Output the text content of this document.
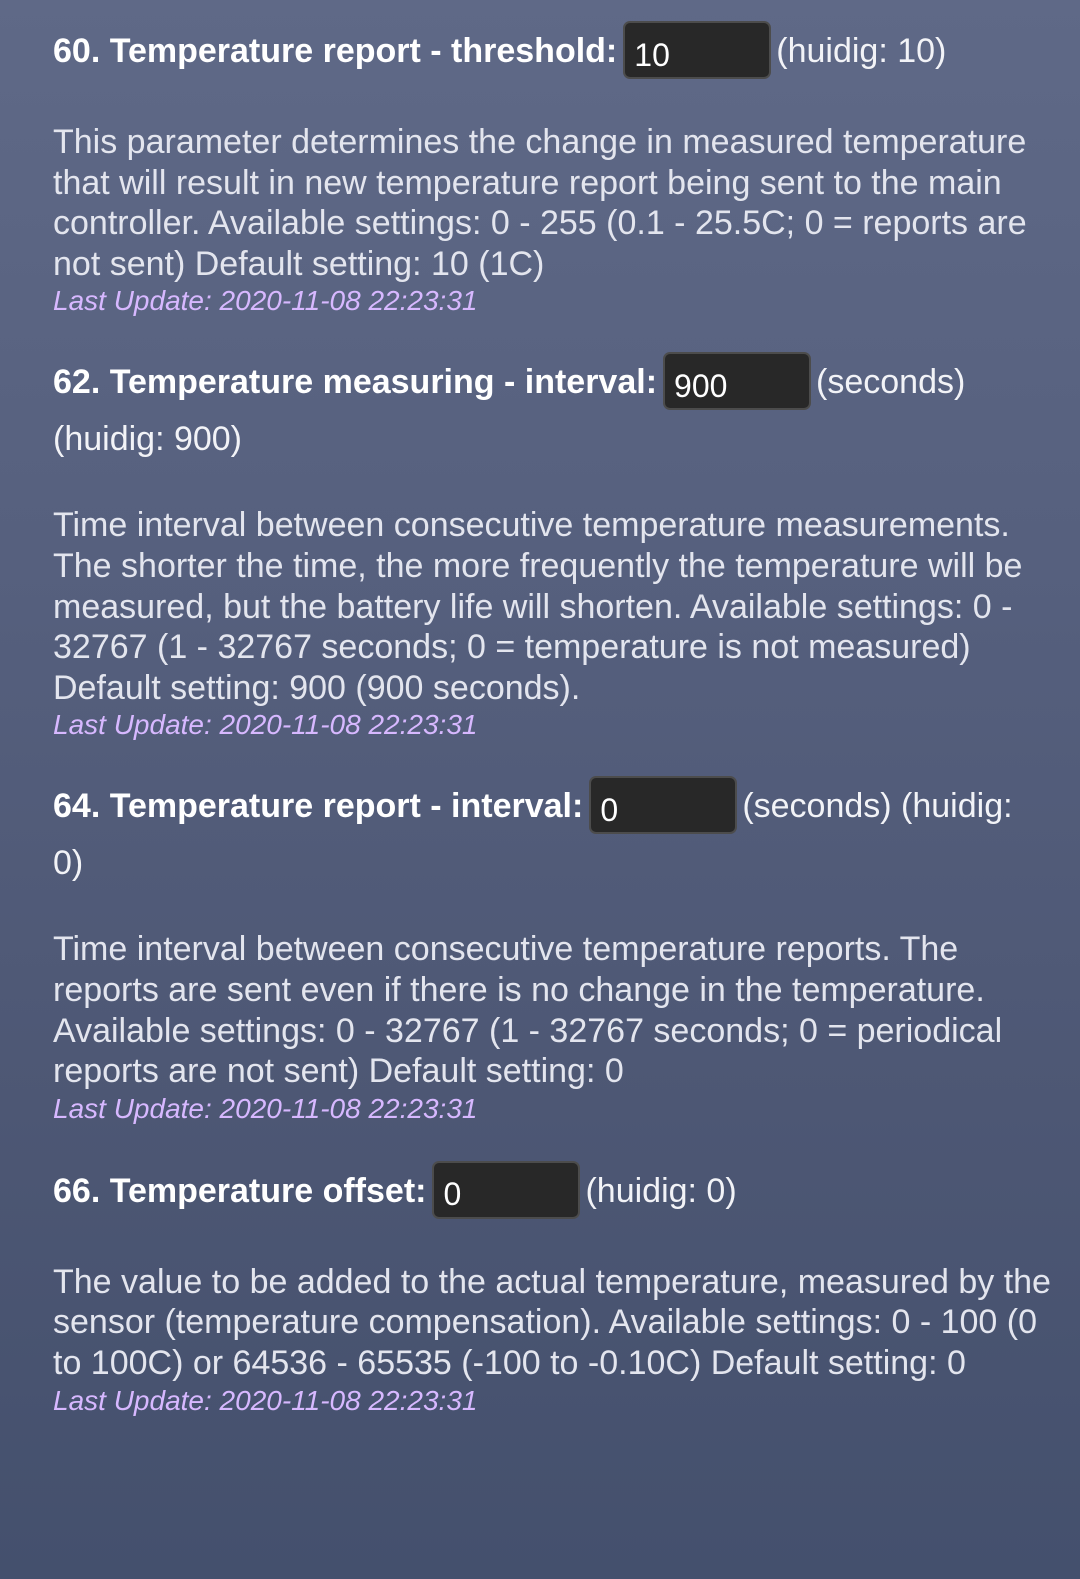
60. Temperature report - threshold:10	(huidig: 10)
This parameter determines the change in measured temperature that will result in new temperature report being sent to the main controller. Available settings: 0 - 255 (0.1 - 25.5C; 0 = reports are not sent) Default setting: 10 (1C)
Last Update: 2020-11-08 22:23:31
62. Temperature measuring - interval:900	(seconds) (huidig: 900)
Time interval between consecutive temperature measurements. The shorter the time, the more frequently the temperature will be measured, but the battery life will shorten. Available settings: 0 - 32767 (1 - 32767 seconds; 0 = temperature is not measured) Default setting: 900 (900 seconds).
Last Update: 2020-11-08 22:23:31
64. Temperature report - interval:0	(seconds) (huidig: 0)
Time interval between consecutive temperature reports. The reports are sent even if there is no change in the temperature. Available settings: 0 - 32767 (1 - 32767 seconds; 0 = periodical reports are not sent) Default setting: 0
Last Update: 2020-11-08 22:23:31
66. Temperature offset:0	(huidig: 0)
The value to be added to the actual temperature, measured by the sensor (temperature compensation). Available settings: 0 - 100 (0 to 100C) or 64536 - 65535 (-100 to -0.10C) Default setting: 0
Last Update: 2020-11-08 22:23:31
